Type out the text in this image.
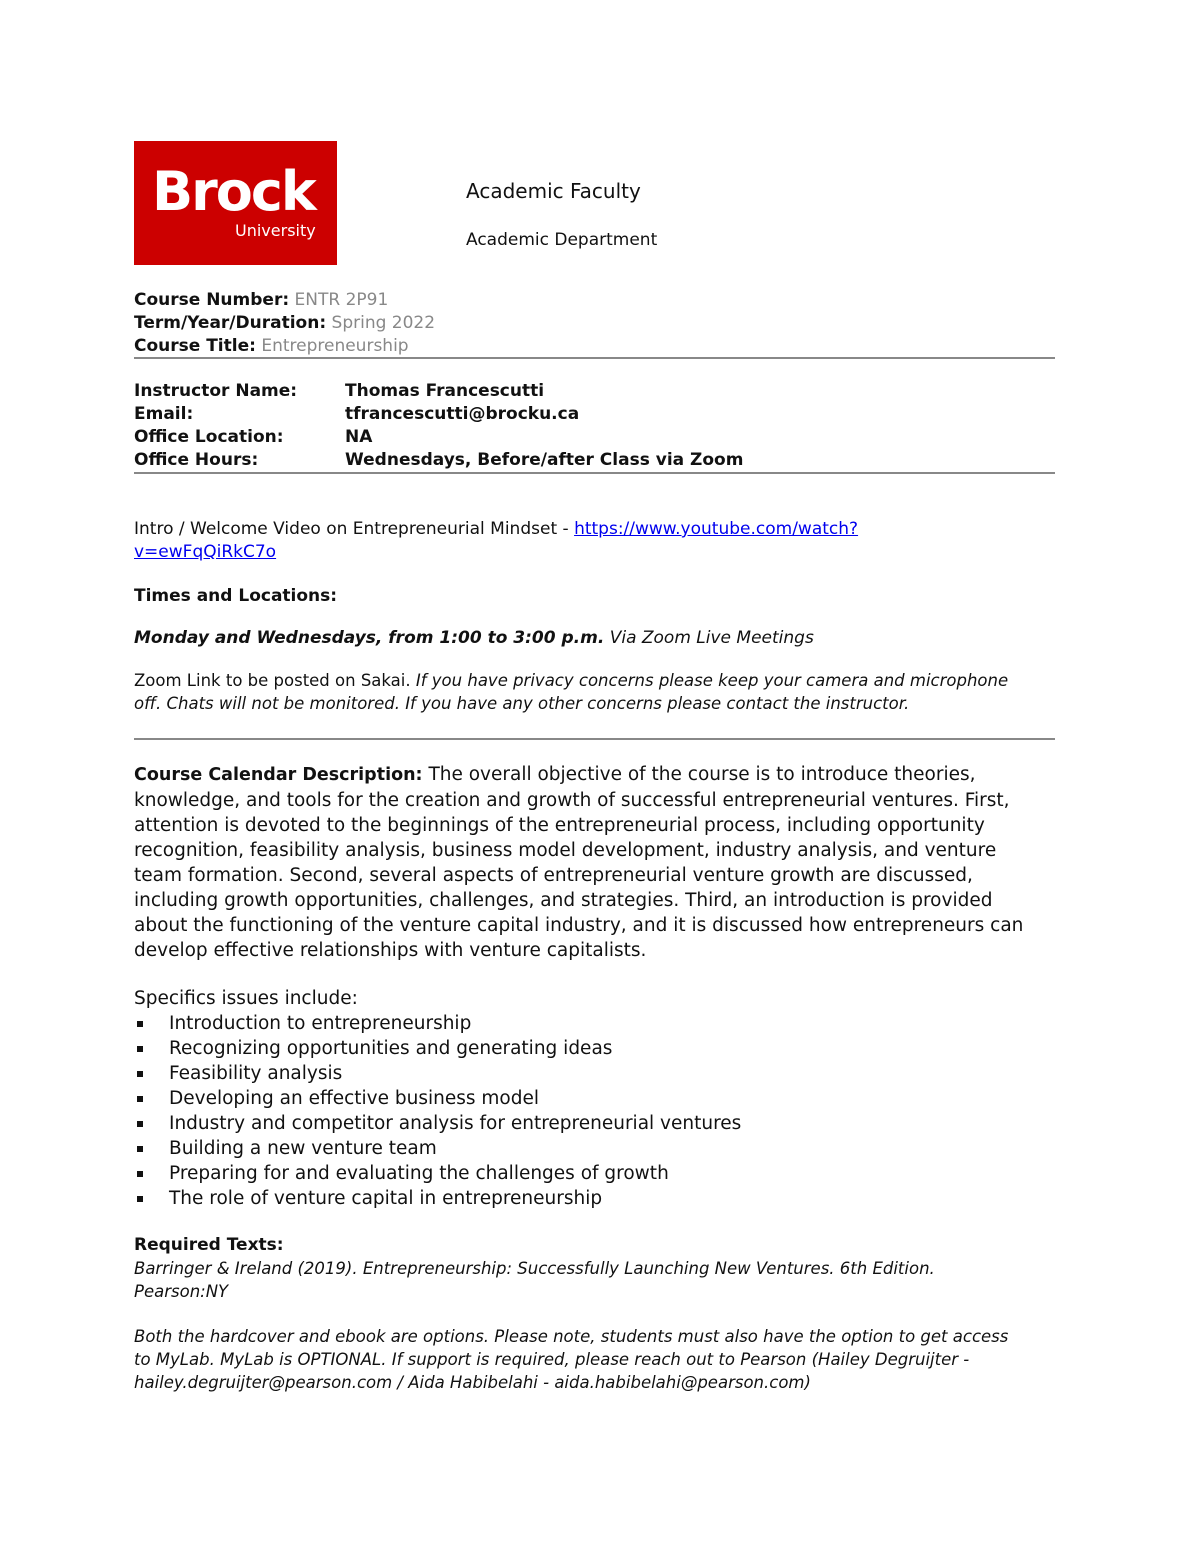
Brock
University
Academic Faculty
Academic Department
Course Number: ENTR 2P91
Term/Year/Duration: Spring 2022
Course Title: Entrepreneurship
Instructor Name:	Thomas Francescutti
Email:	tfrancescutti@brocku.ca
Office Location:	NA
Office Hours:	Wednesdays, Before/after Class via Zoom
Intro / Welcome Video on Entrepreneurial Mindset - https://www.youtube.com/watch?
v=ewFqQiRkC7o
Times and Locations:
Monday and Wednesdays, from 1:00 to 3:00 p.m. Via Zoom Live Meetings
Zoom Link to be posted on Sakai. If you have privacy concerns please keep your camera and microphone off. Chats will not be monitored. If you have any other concerns please contact the instructor.
Course Calendar Description: The overall objective of the course is to introduce theories, knowledge, and tools for the creation and growth of successful entrepreneurial ventures. First, attention is devoted to the beginnings of the entrepreneurial process, including opportunity recognition, feasibility analysis, business model development, industry analysis, and venture team formation. Second, several aspects of entrepreneurial venture growth are discussed, including growth opportunities, challenges, and strategies. Third, an introduction is provided about the functioning of the venture capital industry, and it is discussed how entrepreneurs can develop effective relationships with venture capitalists.
Specifics issues include:
Introduction to entrepreneurship
Recognizing opportunities and generating ideas
Feasibility analysis
Developing an effective business model
Industry and competitor analysis for entrepreneurial ventures
Building a new venture team
Preparing for and evaluating the challenges of growth
The role of venture capital in entrepreneurship
Required Texts:
Barringer & Ireland (2019). Entrepreneurship: Successfully Launching New Ventures. 6th Edition. Pearson:NY
Both the hardcover and ebook are options. Please note, students must also have the option to get access to MyLab. MyLab is OPTIONAL. If support is required, please reach out to Pearson (Hailey Degruijter - hailey.degruijter@pearson.com / Aida Habibelahi - aida.habibelahi@pearson.com)
